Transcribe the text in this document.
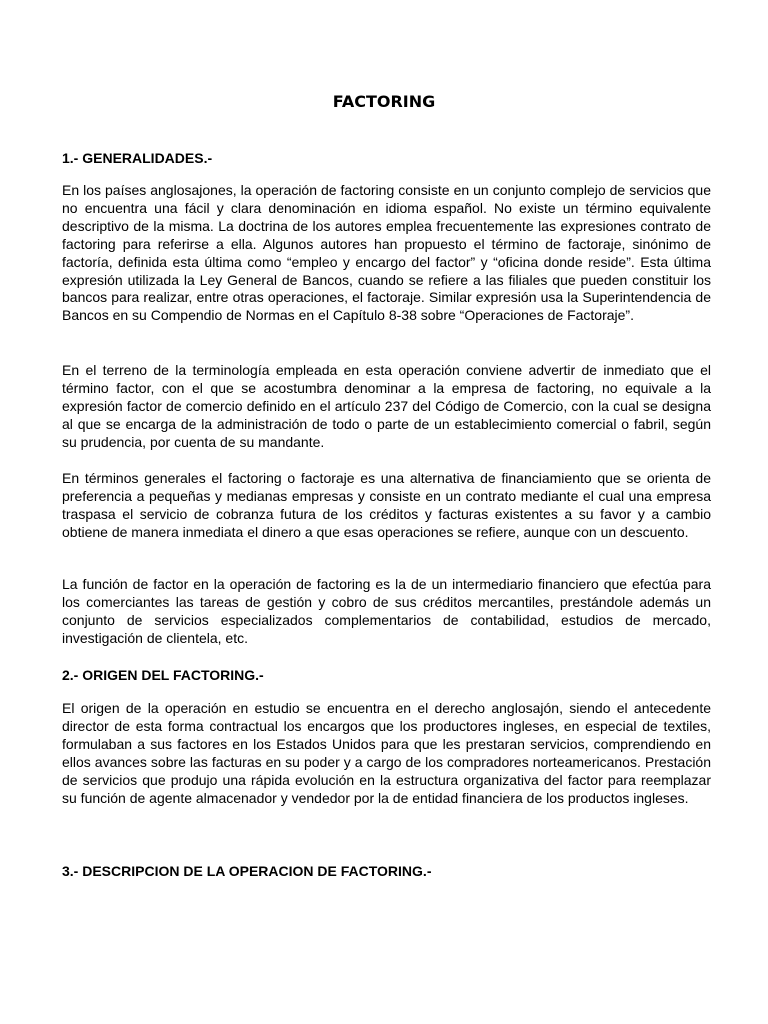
FACTORING
1.- GENERALIDADES.-

En los países anglosajones, la operación de factoring consiste en un conjunto complejo de servicios que no encuentra una fácil y clara denominación en idioma español. No existe un término equivalente descriptivo de la misma. La doctrina de los autores emplea frecuentemente las expresiones contrato de factoring para referirse a ella. Algunos autores han propuesto el término de factoraje, sinónimo de factoría, definida esta última como “empleo y encargo del factor” y “oficina donde reside”. Esta última expresión utilizada la Ley General de Bancos, cuando se refiere a las filiales que pueden constituir los bancos para realizar, entre otras operaciones, el factoraje. Similar expresión usa la Superintendencia de Bancos en su Compendio de Normas en el Capítulo 8-38 sobre “Operaciones de Factoraje”.

En el terreno de la terminología empleada en esta operación conviene advertir de inmediato que el término factor, con el que se acostumbra denominar a la empresa de factoring, no equivale a la expresión factor de comercio definido en el artículo 237 del Código de Comercio, con la cual se designa al que se encarga de la administración de todo o parte de un establecimiento comercial o fabril, según su prudencia, por cuenta de su mandante.

En términos generales el factoring o factoraje es una alternativa de financiamiento que se orienta de preferencia a pequeñas y medianas empresas y consiste en un contrato mediante el cual una empresa traspasa el servicio de cobranza futura de los créditos y facturas existentes a su favor y a cambio obtiene de manera inmediata el dinero a que esas operaciones se refiere, aunque con un descuento.

La función de factor en la operación de factoring es la de un intermediario financiero que efectúa para los comerciantes las tareas de gestión y cobro de sus créditos mercantiles, prestándole además un conjunto de servicios especializados complementarios de contabilidad, estudios de mercado, investigación de clientela, etc.

2.- ORIGEN DEL FACTORING.-

El origen de la operación en estudio se encuentra en el derecho anglosajón, siendo el antecedente director de esta forma contractual los encargos que los productores ingleses, en especial de textiles, formulaban a sus factores en los Estados Unidos para que les prestaran servicios, comprendiendo en ellos avances sobre las facturas en su poder y a cargo de los compradores norteamericanos. Prestación de servicios que produjo una rápida evolución en la estructura organizativa del factor para reemplazar su función de agente almacenador y vendedor por la de entidad financiera de los productos ingleses.

3.- DESCRIPCION DE LA OPERACION DE FACTORING.-
